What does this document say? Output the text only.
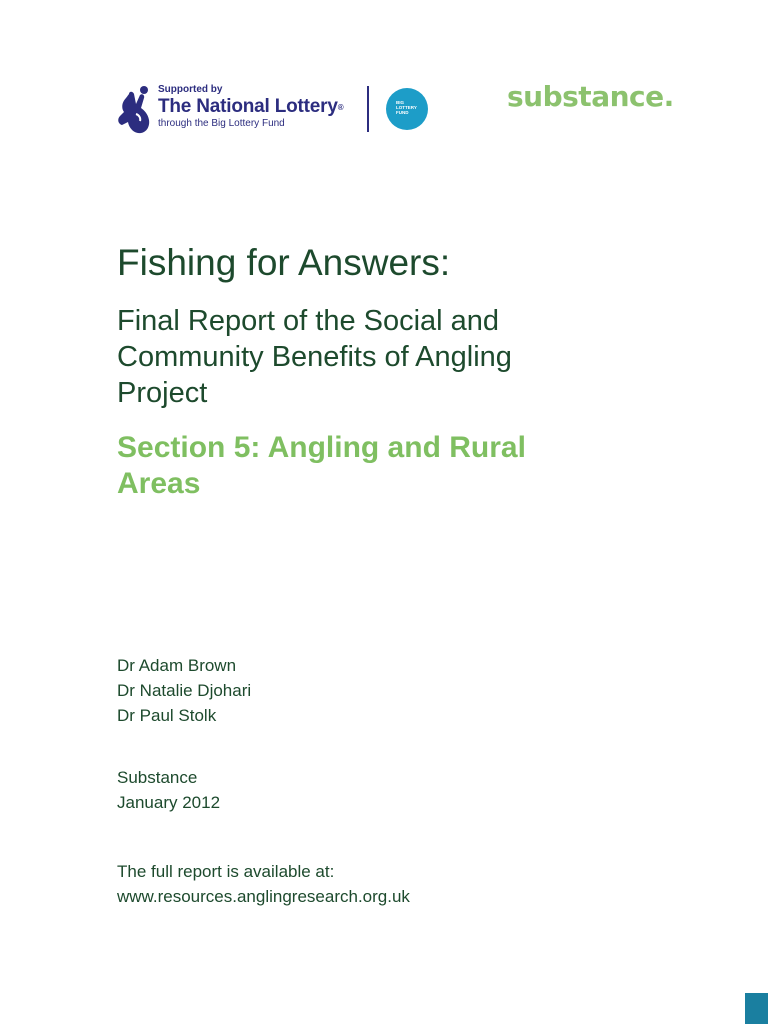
Supported by
The National Lottery®
through the Big Lottery Fund
BIG LOTTERY FUND	substance.
Fishing for Answers:
Final Report of the Social and
Community Benefits of Angling
Project
Section 5: Angling and Rural
Areas
Dr Adam Brown
Dr Natalie Djohari
Dr Paul Stolk
Substance
January 2012
The full report is available at:
www.resources.anglingresearch.org.uk
